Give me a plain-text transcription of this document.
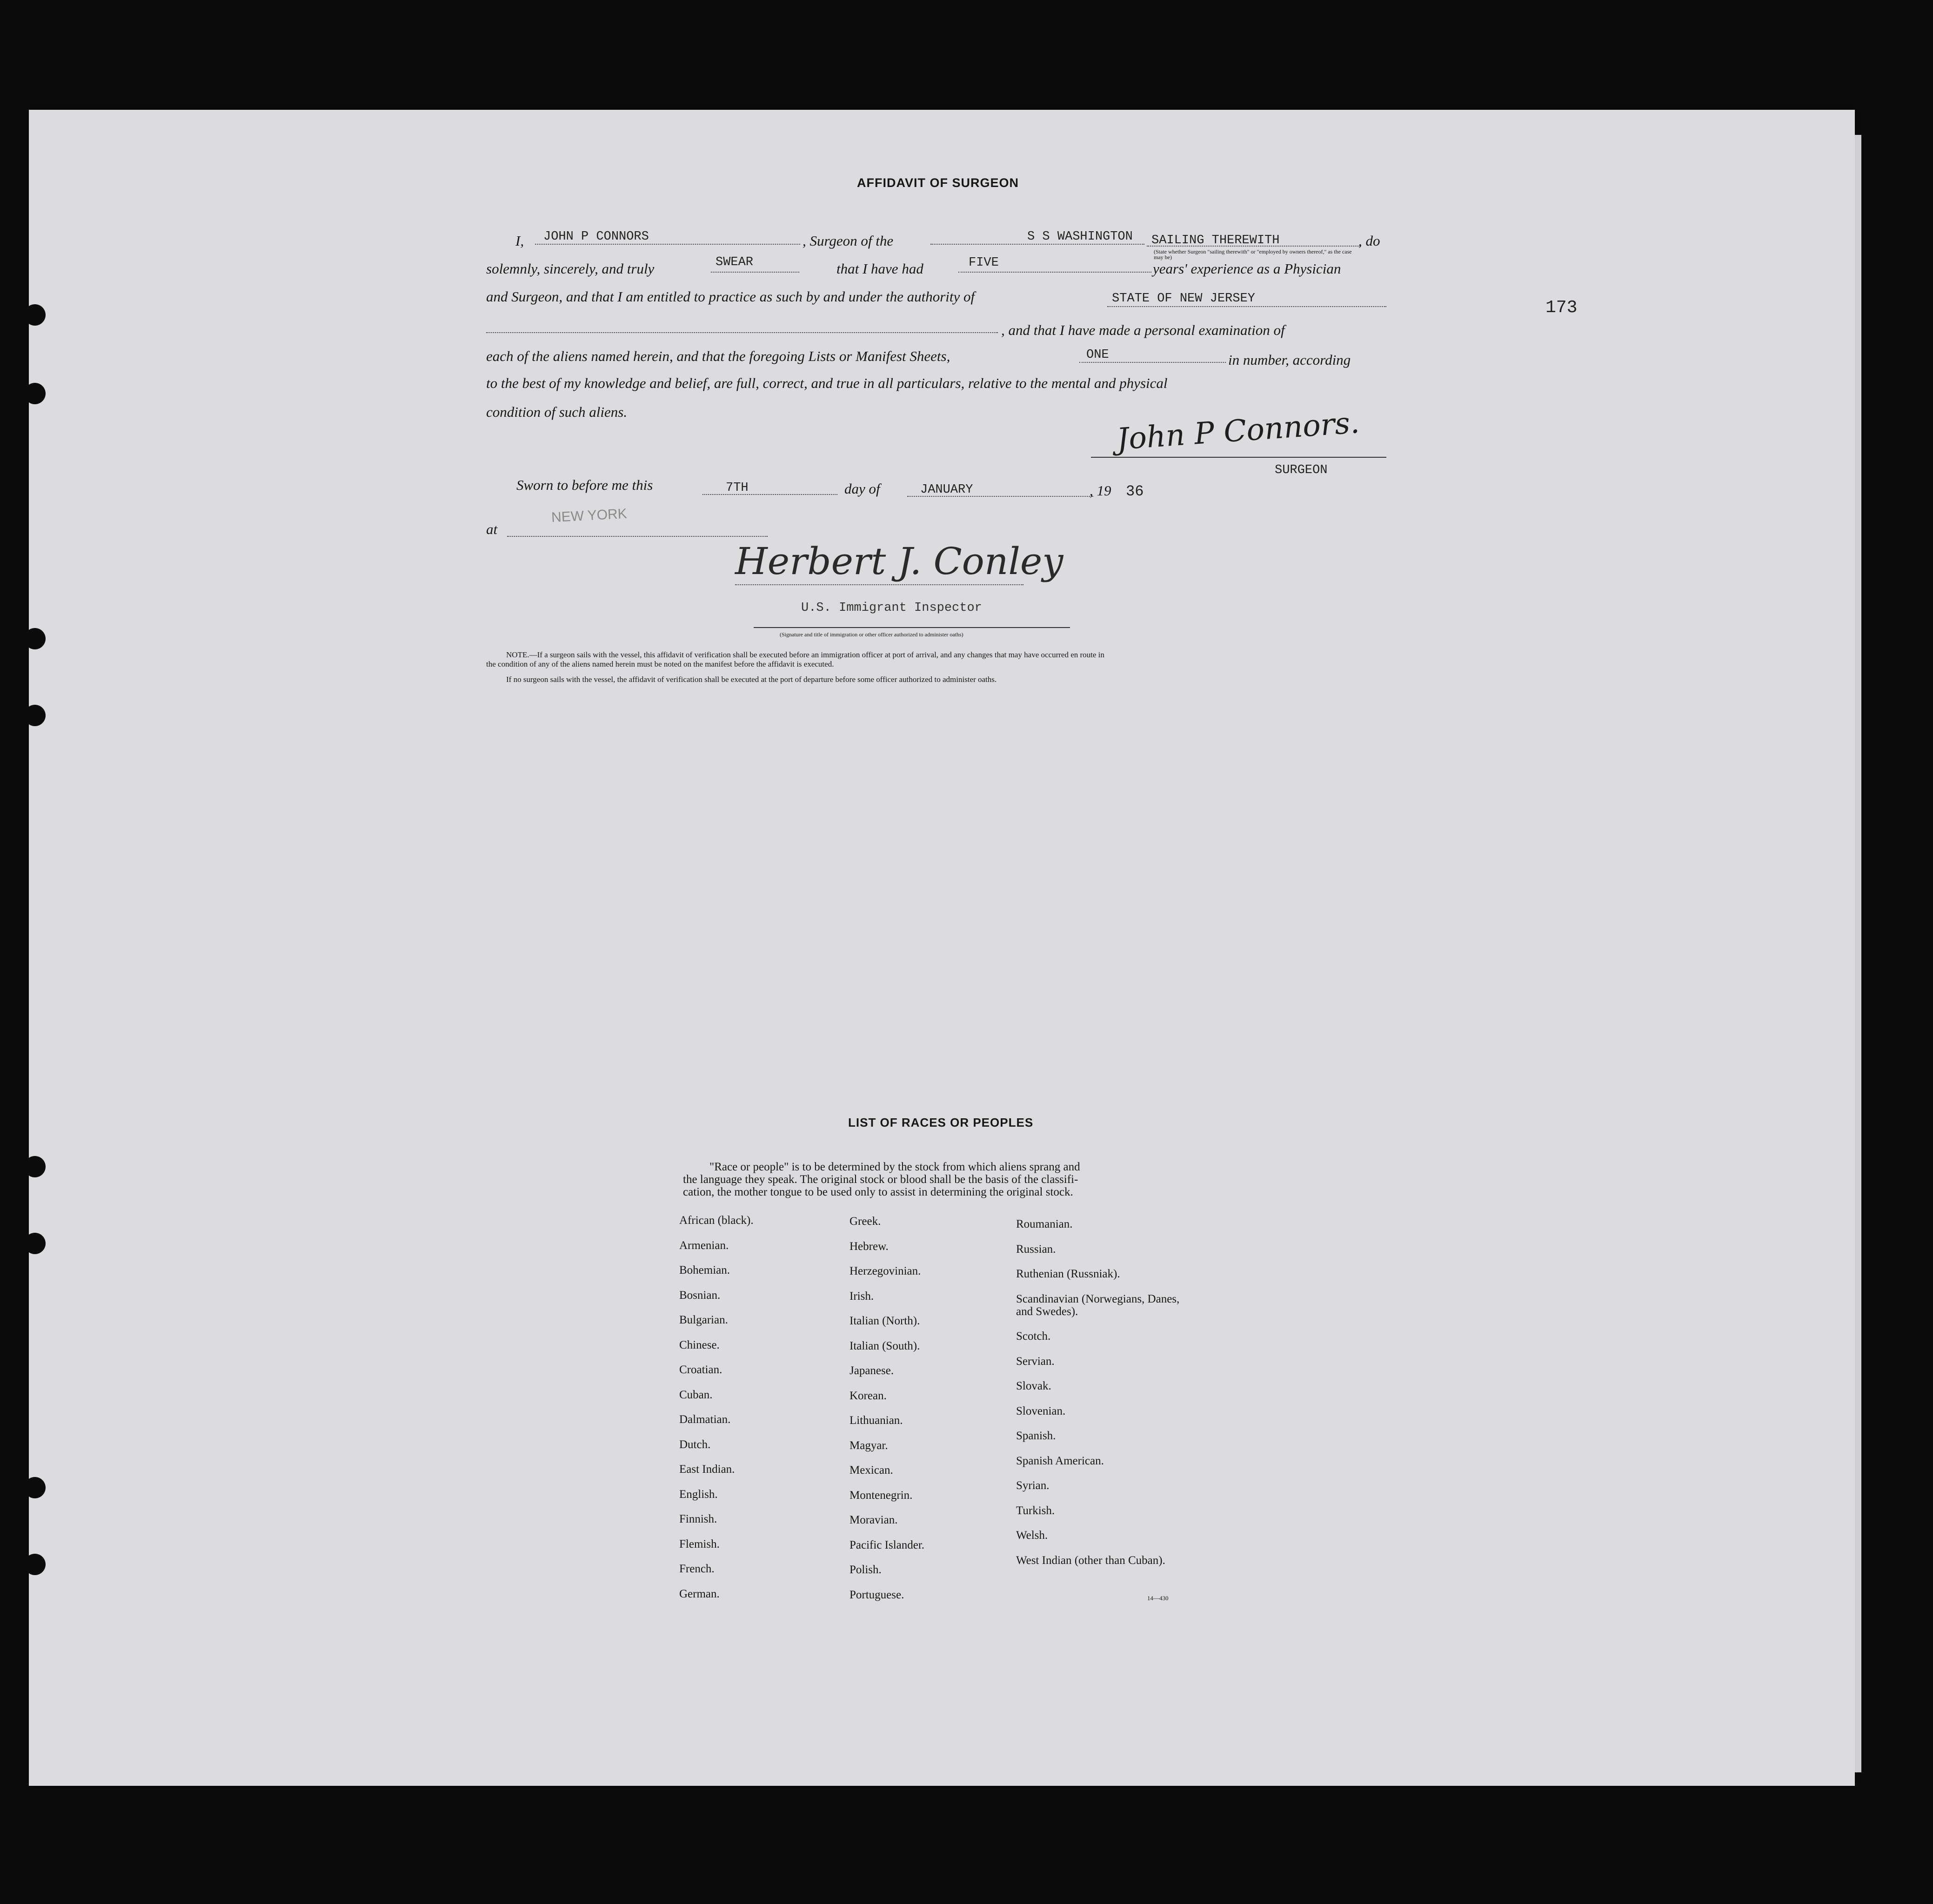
173
AFFIDAVIT OF SURGEON
I, JOHN P CONNORS	, Surgeon of the	S S WASHINGTON SAILING THEREWITH	, do
(State whether Surgeon "sailing therewith" or "employed by owners thereof," as the case may be)
solemnly, sincerely, and truly	SWEAR	that I have had	FIVE	years' experience as a Physician
and Surgeon, and that I am entitled to practice as such by and under the authority of	STATE OF NEW JERSEY
, and that I have made a personal examination of
each of the aliens named herein, and that the foregoing Lists or Manifest Sheets,	ONE	in number, according
to the best of my knowledge and belief, are full, correct, and true in all particulars, relative to the mental and physical
condition of such aliens.	John P Connors.
SURGEON
Sworn to before me this	7TH	day of	JANUARY	, 19 36
at
NEW YORK
Herbert J. Conley
U.S. Immigrant Inspector
(Signature and title of immigration or other officer authorized to administer oaths)
NOTE.—If a surgeon sails with the vessel, this affidavit of verification shall be executed before an immigration officer at port of arrival, and any changes that may have occurred en route in
the condition of any of the aliens named herein must be noted on the manifest before the affidavit is executed.
If no surgeon sails with the vessel, the affidavit of verification shall be executed at the port of departure before some officer authorized to administer oaths.
LIST OF RACES OR PEOPLES
"Race or people" is to be determined by the stock from which aliens sprang and
the language they speak. The original stock or blood shall be the basis of the classifi-
cation, the mother tongue to be used only to assist in determining the original stock.
African (black).
Armenian.
Bohemian.
Bosnian.
Bulgarian.
Chinese.
Croatian.
Cuban.
Dalmatian.
Dutch.
East Indian.
English.
Finnish.
Flemish.
French.
German.
Greek.
Hebrew.
Herzegovinian.
Irish.
Italian (North).
Italian (South).
Japanese.
Korean.
Lithuanian.
Magyar.
Mexican.
Montenegrin.
Moravian.
Pacific Islander.
Polish.
Portuguese.
Roumanian.
Russian.
Ruthenian (Russniak).
Scandinavian (Norwegians, Danes, and Swedes).
Scotch.
Servian.
Slovak.
Slovenian.
Spanish.
Spanish American.
Syrian.
Turkish.
Welsh.
West Indian (other than Cuban).
14—430
